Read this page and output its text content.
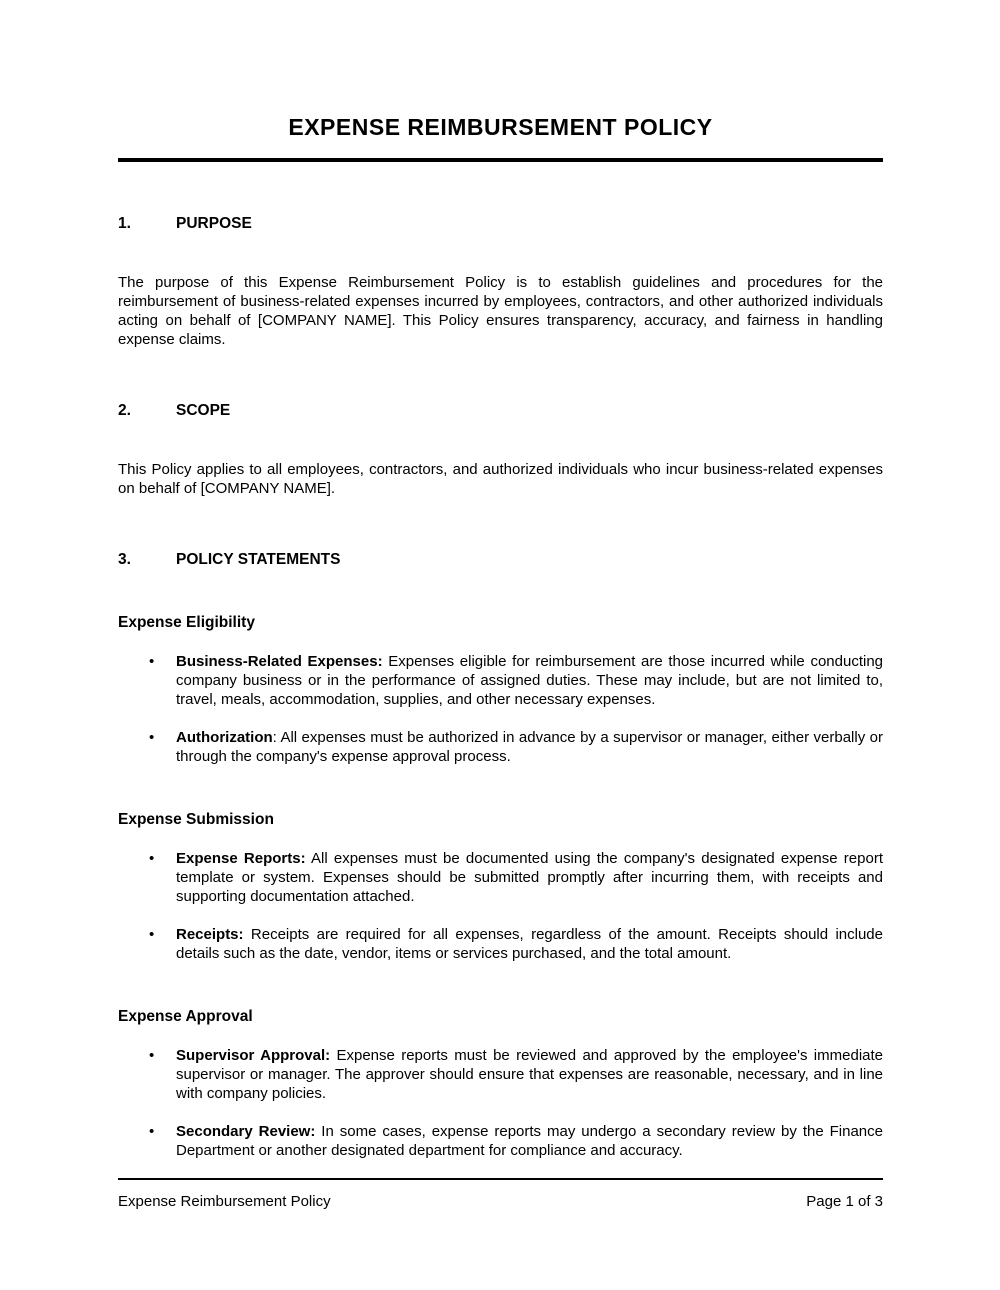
EXPENSE REIMBURSEMENT POLICY
1.	PURPOSE

The purpose of this Expense Reimbursement Policy is to establish guidelines and procedures for the reimbursement of business-related expenses incurred by employees, contractors, and other authorized individuals acting on behalf of [COMPANY NAME]. This Policy ensures transparency, accuracy, and fairness in handling expense claims.

2.	SCOPE

This Policy applies to all employees, contractors, and authorized individuals who incur business-related expenses on behalf of [COMPANY NAME].

3.	POLICY STATEMENTS
Expense Eligibility
• Business-Related Expenses: Expenses eligible for reimbursement are those incurred while conducting company business or in the performance of assigned duties. These may include, but are not limited to, travel, meals, accommodation, supplies, and other necessary expenses.
• Authorization: All expenses must be authorized in advance by a supervisor or manager, either verbally or through the company's expense approval process.
Expense Submission
• Expense Reports: All expenses must be documented using the company's designated expense report template or system. Expenses should be submitted promptly after incurring them, with receipts and supporting documentation attached.
• Receipts: Receipts are required for all expenses, regardless of the amount. Receipts should include details such as the date, vendor, items or services purchased, and the total amount.
Expense Approval
• Supervisor Approval: Expense reports must be reviewed and approved by the employee's immediate supervisor or manager. The approver should ensure that expenses are reasonable, necessary, and in line with company policies.
• Secondary Review: In some cases, expense reports may undergo a secondary review by the Finance Department or another designated department for compliance and accuracy.
Expense Reimbursement Policy	Page 1 of 3
